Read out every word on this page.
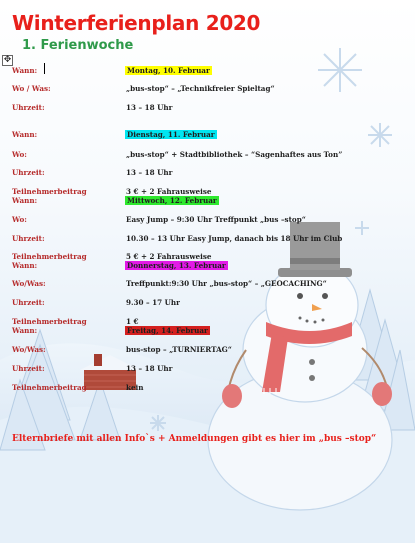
Winterferienplan 2020
1. Ferienwoche
✥
Wann:	Montag, 10. Februar
Wo / Was:	„bus-stop“ – „Technikfreier Spieltag“
Uhrzeit:	13 – 18 Uhr
Wann:	Dienstag, 11. Februar
Wo:	„bus-stop“ + Stadtbibliothek – “Sagenhaftes aus Ton”
Uhrzeit:	13 – 18 Uhr
Teilnehmerbeitrag	3 € + 2 Fahrausweise
Wann:	Mittwoch, 12. Februar
Wo:	Easy Jump – 9:30 Uhr Treffpunkt „bus –stop“
Uhrzeit:	10.30 – 13 Uhr Easy Jump, danach bis 18 Uhr im Club
Teilnehmerbeitrag	5 € + 2 Fahrausweise
Wann:	Donnerstag, 13. Februar
Wo/Was:	Treffpunkt:9:30 Uhr „bus-stop“ – „GEOCACHING“
Uhrzeit:	9.30 – 17 Uhr
Teilnehmerbeitrag	1 €
Wann:	Freitag, 14. Februar
Wo/Was:	bus-stop – „TURNIERTAG“
Uhrzeit:	13 – 18 Uhr
Teilnehmerbeitrag	kein
Elternbriefe mit allen Info`s + Anmeldungen gibt es hier im „bus –stop“
